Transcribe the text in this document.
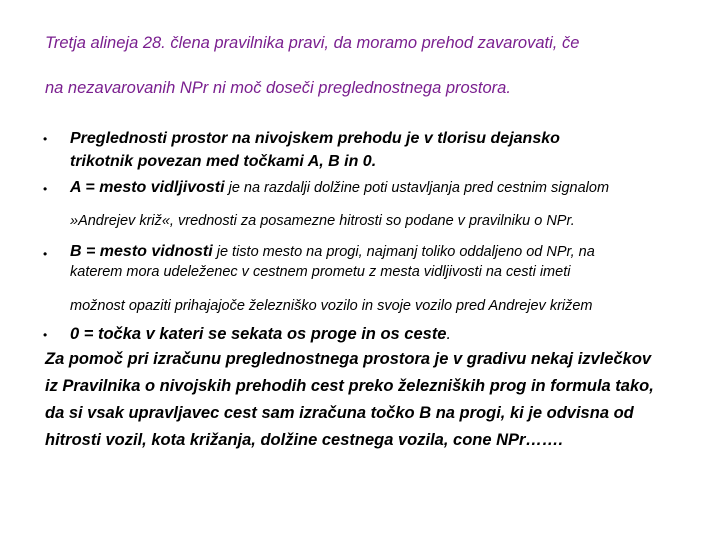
Tretja alineja 28. člena pravilnika pravi, da moramo prehod zavarovati, če
na nezavarovanih NPr ni moč doseči preglednostnega prostora.
• Preglednosti prostor na nivojskem prehodu je v tlorisu dejansko
trikotnik povezan med točkami A, B in 0.
• A = mesto vidljivosti je na razdalji dolžine poti ustavljanja pred cestnim signalom
»Andrejev križ«, vrednosti za posamezne hitrosti so podane v pravilniku o NPr.
• B = mesto vidnosti je tisto mesto na progi, najmanj toliko oddaljeno od NPr, na
katerem mora udeleženec v cestnem prometu z mesta vidljivosti na cesti imeti
možnost opaziti prihajajoče železniško vozilo in svoje vozilo pred Andrejev križem
• 0 = točka v kateri se sekata os proge in os ceste.
Za pomoč pri izračunu preglednostnega prostora je v gradivu nekaj izvlečkov
iz Pravilnika o nivojskih prehodih cest preko železniških prog in formula tako,
da si vsak upravljavec cest sam izračuna točko B na progi, ki je odvisna od
hitrosti vozil, kota križanja, dolžine cestnega vozila, cone NPr…….
